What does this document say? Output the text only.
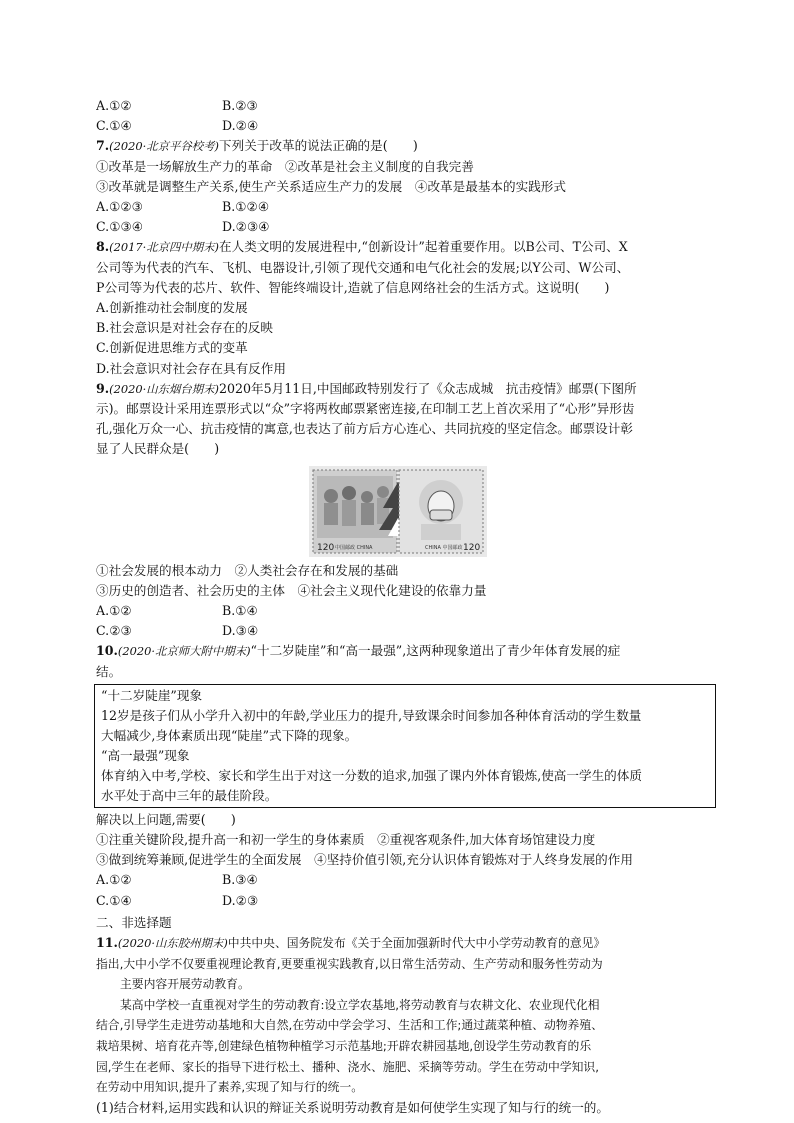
A.①②	B.②③
C.①④	D.②④
7.(2020·北京平谷校考)下列关于改革的说法正确的是(　　)
①改革是一场解放生产力的革命　②改革是社会主义制度的自我完善
③改革就是调整生产关系,使生产关系适应生产力的发展　④改革是最基本的实践形式
A.①②③	B.①②④
C.①③④	D.②③④
8.(2017·北京四中期末)在人类文明的发展进程中,“创新设计”起着重要作用。以B公司、T公司、X
公司等为代表的汽车、飞机、电器设计,引领了现代交通和电气化社会的发展;以Y公司、W公司、
P公司等为代表的芯片、软件、智能终端设计,造就了信息网络社会的生活方式。这说明(　　)
A.创新推动社会制度的发展
B.社会意识是对社会存在的反映
C.创新促进思维方式的变革
D.社会意识对社会存在具有反作用
9.(2020·山东烟台期末)2020年5月11日,中国邮政特别发行了《众志成城　抗击疫情》邮票(下图所
示)。邮票设计采用连票形式以“众”字将两枚邮票紧密连接,在印制工艺上首次采用了“心形”异形齿
孔,强化万众一心、抗击疫情的寓意,也表达了前方后方心连心、共同抗疫的坚定信念。邮票设计彰
显了人民群众是(　　)
120 中国邮政 CHINA	CHINA 中国邮政 120
①社会发展的根本动力　②人类社会存在和发展的基础
③历史的创造者、社会历史的主体　④社会主义现代化建设的依靠力量
A.①②	B.①④
C.②③	D.③④
10.(2020·北京师大附中期末)“十二岁陡崖”和“高一最强”,这两种现象道出了青少年体育发展的症
结。
“十二岁陡崖”现象
12岁是孩子们从小学升入初中的年龄,学业压力的提升,导致课余时间参加各种体育活动的学生数量
大幅减少,身体素质出现“陡崖”式下降的现象。
“高一最强”现象
体育纳入中考,学校、家长和学生出于对这一分数的追求,加强了课内外体育锻炼,使高一学生的体质
水平处于高中三年的最佳阶段。
解决以上问题,需要(　　)
①注重关键阶段,提升高一和初一学生的身体素质　②重视客观条件,加大体育场馆建设力度
③做到统筹兼顾,促进学生的全面发展　④坚持价值引领,充分认识体育锻炼对于人终身发展的作用
A.①②	B.③④
C.①④	D.②③
二、非选择题
11.(2020·山东胶州期末)中共中央、国务院发布《关于全面加强新时代大中小学劳动教育的意见》
指出,大中小学不仅要重视理论教育,更要重视实践教育,以日常生活劳动、生产劳动和服务性劳动为
主要内容开展劳动教育。
某高中学校一直重视对学生的劳动教育:设立学农基地,将劳动教育与农耕文化、农业现代化相
结合,引导学生走进劳动基地和大自然,在劳动中学会学习、生活和工作;通过蔬菜种植、动物养殖、
栽培果树、培育花卉等,创建绿色植物种植学习示范基地;开辟农耕园基地,创设学生劳动教育的乐
园,学生在老师、家长的指导下进行松土、播种、浇水、施肥、采摘等劳动。学生在劳动中学知识,
在劳动中用知识,提升了素养,实现了知与行的统一。
(1)结合材料,运用实践和认识的辩证关系说明劳动教育是如何使学生实现了知与行的统一的。
